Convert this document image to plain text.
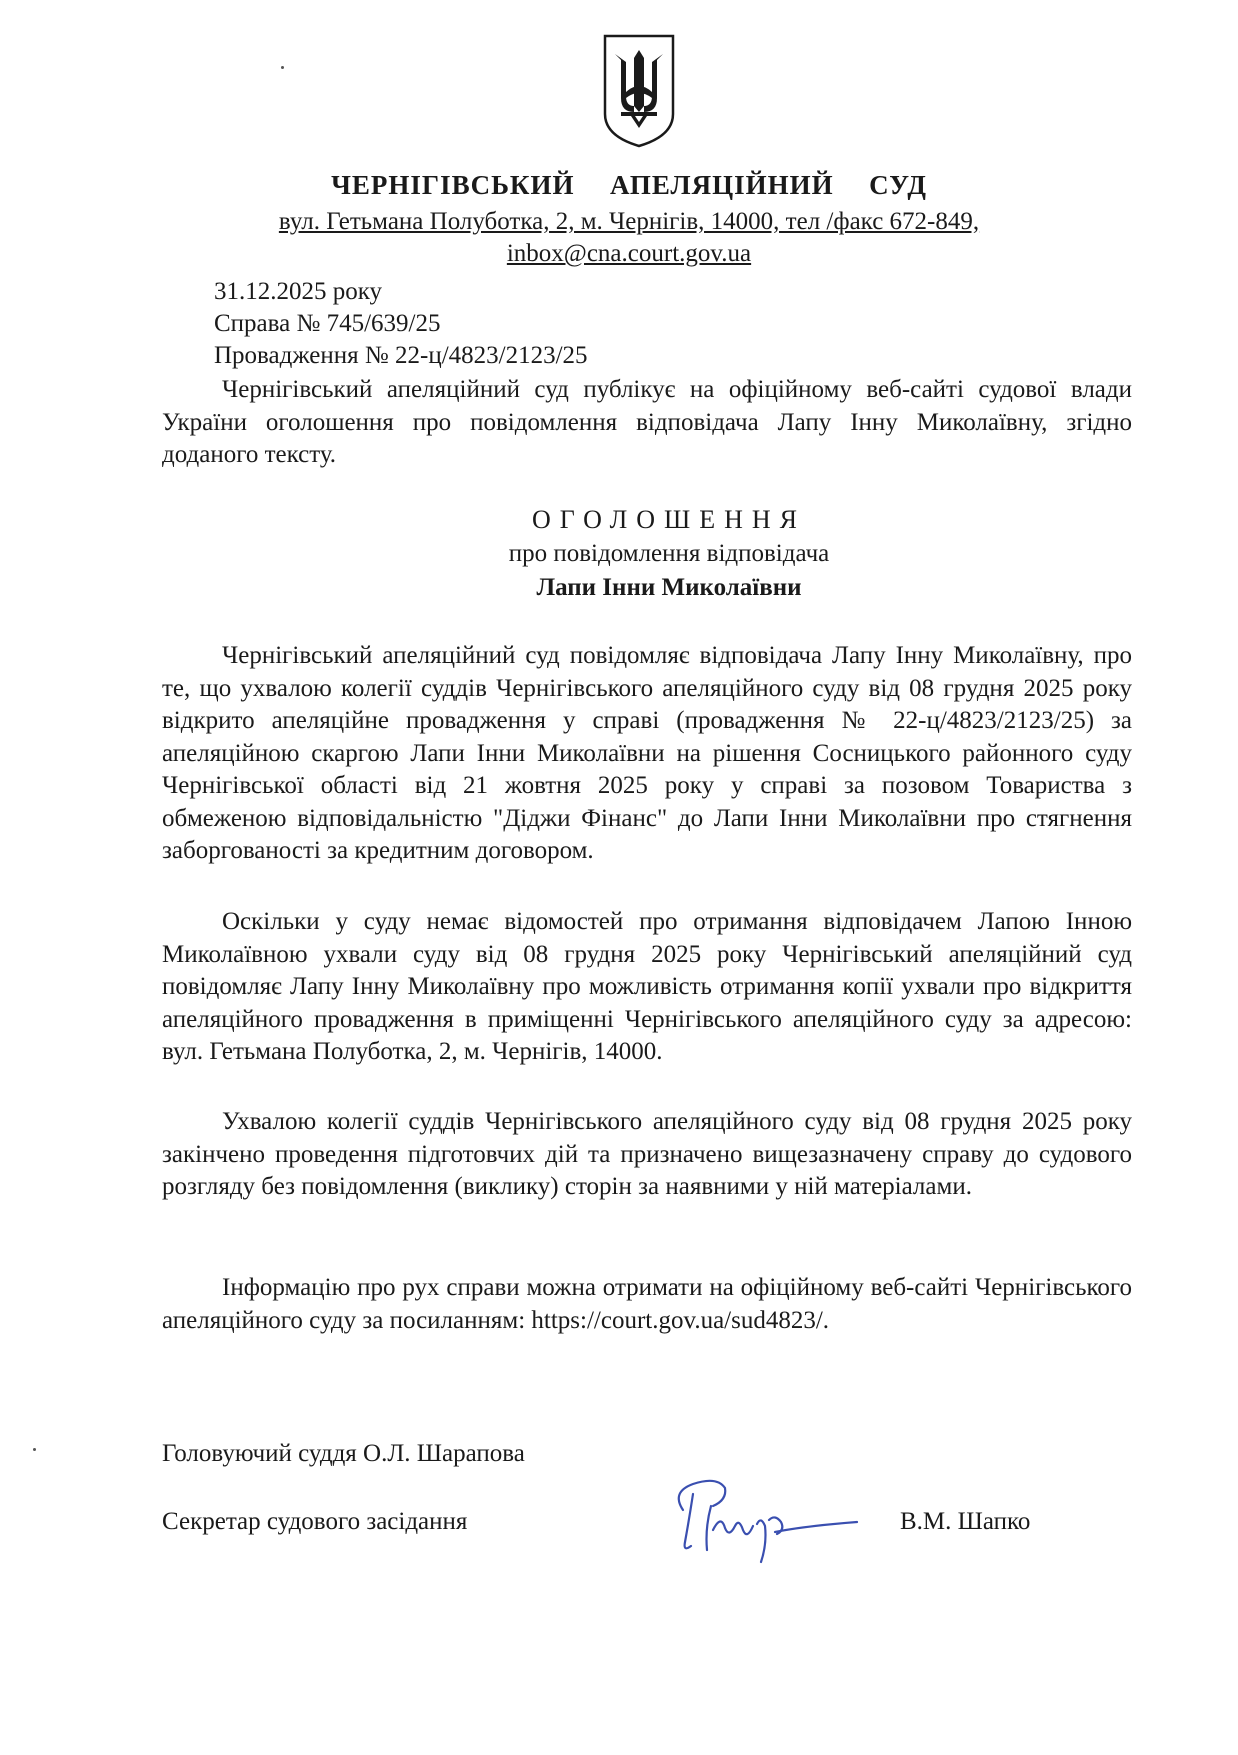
ЧЕРНІГІВСЬКИЙ  АПЕЛЯЦІЙНИЙ  СУД
вул. Гетьмана Полуботка, 2, м. Чернігів, 14000, тел /факс 672-849,
inbox@cna.court.gov.ua
31.12.2025 року
Справа № 745/639/25
Провадження № 22-ц/4823/2123/25
Чернігівський апеляційний суд публікує на офіційному веб-сайті судової влади України оголошення про повідомлення відповідача Лапу Інну Миколаївну, згідно доданого тексту.
ОГОЛОШЕННЯ
про повідомлення відповідача
Лапи Інни Миколаївни
Чернігівський апеляційний суд повідомляє відповідача Лапу Інну Миколаївну, про те, що ухвалою колегії суддів Чернігівського апеляційного суду від 08 грудня 2025 року відкрито апеляційне провадження у справі (провадження № 22-ц/4823/2123/25) за апеляційною скаргою Лапи Інни Миколаївни на рішення Сосницького районного суду Чернігівської області від 21 жовтня 2025 року у справі за позовом Товариства з обмеженою відповідальністю "Діджи Фінанс" до Лапи Інни Миколаївни про стягнення заборгованості за кредитним договором.
Оскільки у суду немає відомостей про отримання відповідачем Лапою Інною Миколаївною ухвали суду від 08 грудня 2025 року Чернігівський апеляційний суд повідомляє Лапу Інну Миколаївну про можливість отримання копії ухвали про відкриття апеляційного провадження в приміщенні Чернігівського апеляційного суду за адресою: вул. Гетьмана Полуботка, 2, м. Чернігів, 14000.
Ухвалою колегії суддів Чернігівського апеляційного суду від 08 грудня 2025 року закінчено проведення підготовчих дій та призначено вищезазначену справу до судового розгляду без повідомлення (виклику) сторін за наявними у ній матеріалами.
Інформацію про рух справи можна отримати на офіційному веб-сайті Чернігівського апеляційного суду за посиланням: https://court.gov.ua/sud4823/.
Головуючий суддя О.Л. Шарапова
Секретар судового засідання	В.М. Шапко
